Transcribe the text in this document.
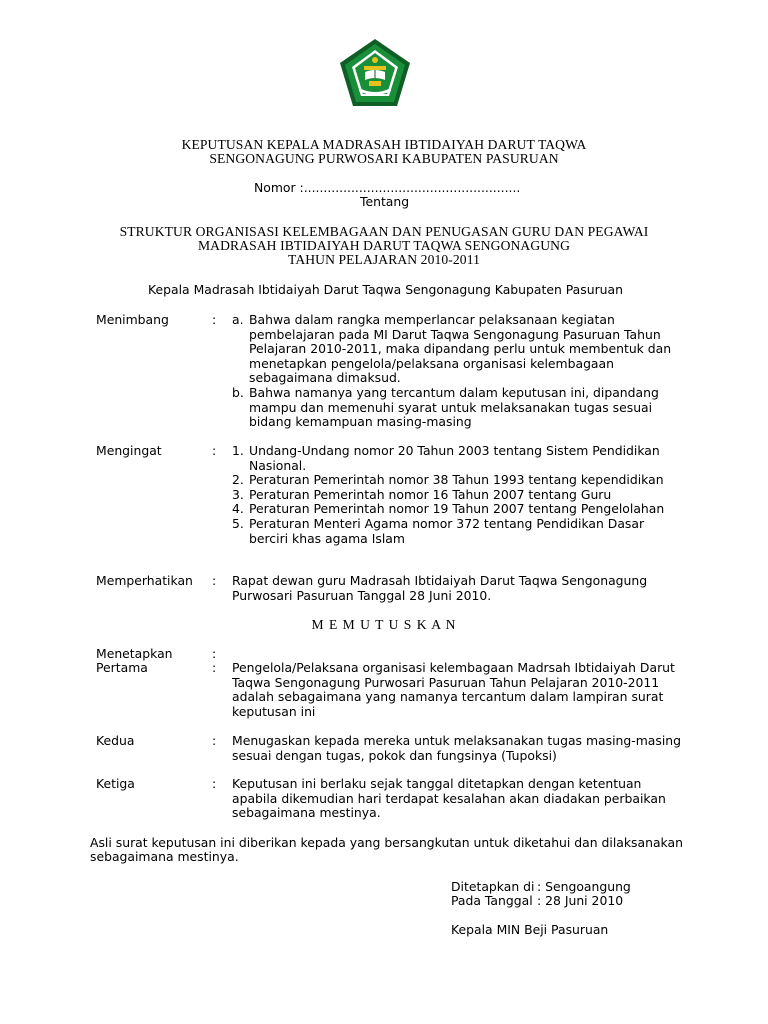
KEPUTUSAN KEPALA MADRASAH IBTIDAIYAH DARUT TAQWA
SENGONAGUNG PURWOSARI KABUPATEN PASURUAN
Nomor :.......................................................
Tentang
STRUKTUR ORGANISASI KELEMBAGAAN DAN PENUGASAN GURU DAN PEGAWAI
MADRASAH IBTIDAIYAH DARUT TAQWA SENGONAGUNG
TAHUN PELAJARAN 2010-2011
Kepala Madrasah Ibtidaiyah Darut Taqwa Sengonagung Kabupaten Pasuruan
Menimbang	: a. Bahwa dalam rangka memperlancar pelaksanaan kegiatan
pembelajaran pada MI Darut Taqwa Sengonagung Pasuruan Tahun
Pelajaran 2010-2011, maka dipandang perlu untuk membentuk dan
menetapkan pengelola/pelaksana organisasi kelembagaan
sebagaimana dimaksud.
b. Bahwa namanya yang tercantum dalam keputusan ini, dipandang
mampu dan memenuhi syarat untuk melaksanakan tugas sesuai
bidang kemampuan masing-masing
Mengingat	: 1. Undang-Undang nomor 20 Tahun 2003 tentang Sistem Pendidikan
Nasional.
2. Peraturan Pemerintah nomor 38 Tahun 1993 tentang kependidikan
3. Peraturan Pemerintah nomor 16 Tahun 2007 tentang Guru
4. Peraturan Pemerintah nomor 19 Tahun 2007 tentang Pengelolahan
5. Peraturan Menteri Agama nomor 372 tentang Pendidikan Dasar
berciri khas agama Islam
Memperhatikan : Rapat dewan guru Madrasah Ibtidaiyah Darut Taqwa Sengonagung
Purwosari Pasuruan Tanggal 28 Juni 2010.
M E M U T U S K A N
Menetapkan	:
Pertama	: Pengelola/Pelaksana organisasi kelembagaan Madrsah Ibtidaiyah Darut
Taqwa Sengonagung Purwosari Pasuruan Tahun Pelajaran 2010-2011
adalah sebagaimana yang namanya tercantum dalam lampiran surat
keputusan ini
Kedua	: Menugaskan kepada mereka untuk melaksanakan tugas masing-masing
sesuai dengan tugas, pokok dan fungsinya (Tupoksi)
Ketiga	: Keputusan ini berlaku sejak tanggal ditetapkan dengan ketentuan
apabila dikemudian hari terdapat kesalahan akan diadakan perbaikan
sebagaimana mestinya.
Asli surat keputusan ini diberikan kepada yang bersangkutan untuk diketahui dan dilaksanakan
sebagaimana mestinya.
Ditetapkan di : Sengoangung
Pada Tanggal : 28 Juni 2010
Kepala MIN Beji Pasuruan
